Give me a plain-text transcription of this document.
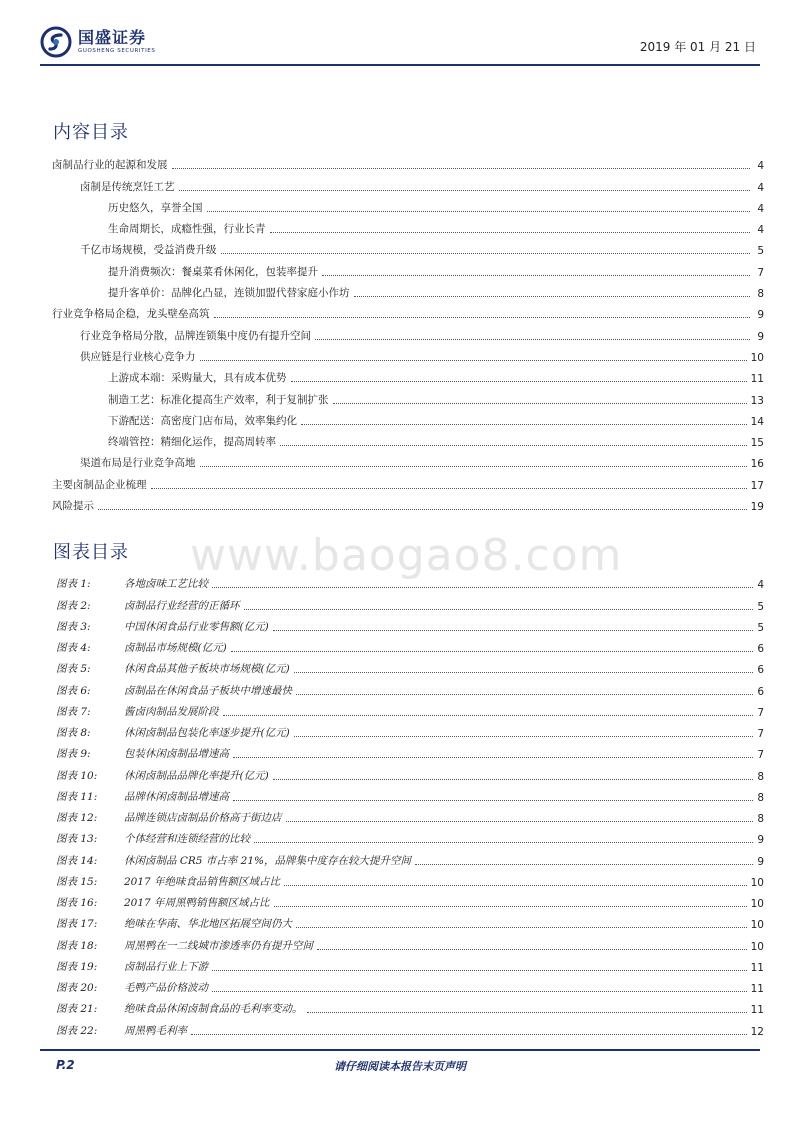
国盛证券
GUOSHENG SECURITIES	2019 年 01 月 21 日
www.baogao8.com
内容目录
卤制品行业的起源和发展	4
卤制是传统烹饪工艺	4
历史悠久，享誉全国	4
生命周期长，成瘾性强，行业长青	4
千亿市场规模，受益消费升级	5
提升消费频次：餐桌菜肴休闲化，包装率提升	7
提升客单价：品牌化凸显，连锁加盟代替家庭小作坊	8
行业竞争格局企稳，龙头壁垒高筑	9
行业竞争格局分散，品牌连锁集中度仍有提升空间	9
供应链是行业核心竞争力	10
上游成本端：采购量大，具有成本优势	11
制造工艺：标准化提高生产效率，利于复制扩张	13
下游配送：高密度门店布局，效率集约化	14
终端管控：精细化运作，提高周转率	15
渠道布局是行业竞争高地	16
主要卤制品企业梳理	17
风险提示	19
图表目录
图表 1:	各地卤味工艺比较	4
图表 2:	卤制品行业经营的正循环	5
图表 3:	中国休闲食品行业零售额(亿元)	5
图表 4:	卤制品市场规模(亿元)	6
图表 5:	休闲食品其他子板块市场规模(亿元)	6
图表 6:	卤制品在休闲食品子板块中增速最快	6
图表 7:	酱卤肉制品发展阶段	7
图表 8:	休闲卤制品包装化率逐步提升(亿元)	7
图表 9:	包装休闲卤制品增速高	7
图表 10:	休闲卤制品品牌化率提升(亿元)	8
图表 11:	品牌休闲卤制品增速高	8
图表 12:	品牌连锁店卤制品价格高于街边店	8
图表 13:	个体经营和连锁经营的比较	9
图表 14:	休闲卤制品 CR5 市占率 21%，品牌集中度存在较大提升空间	9
图表 15:	2017 年绝味食品销售额区域占比	10
图表 16:	2017 年周黑鸭销售额区域占比	10
图表 17:	绝味在华南、华北地区拓展空间仍大	10
图表 18:	周黑鸭在一二线城市渗透率仍有提升空间	10
图表 19:	卤制品行业上下游	11
图表 20:	毛鸭产品价格波动	11
图表 21:	绝味食品休闲卤制食品的毛利率变动。	11
图表 22:	周黑鸭毛利率	12
P.2	请仔细阅读本报告末页声明
